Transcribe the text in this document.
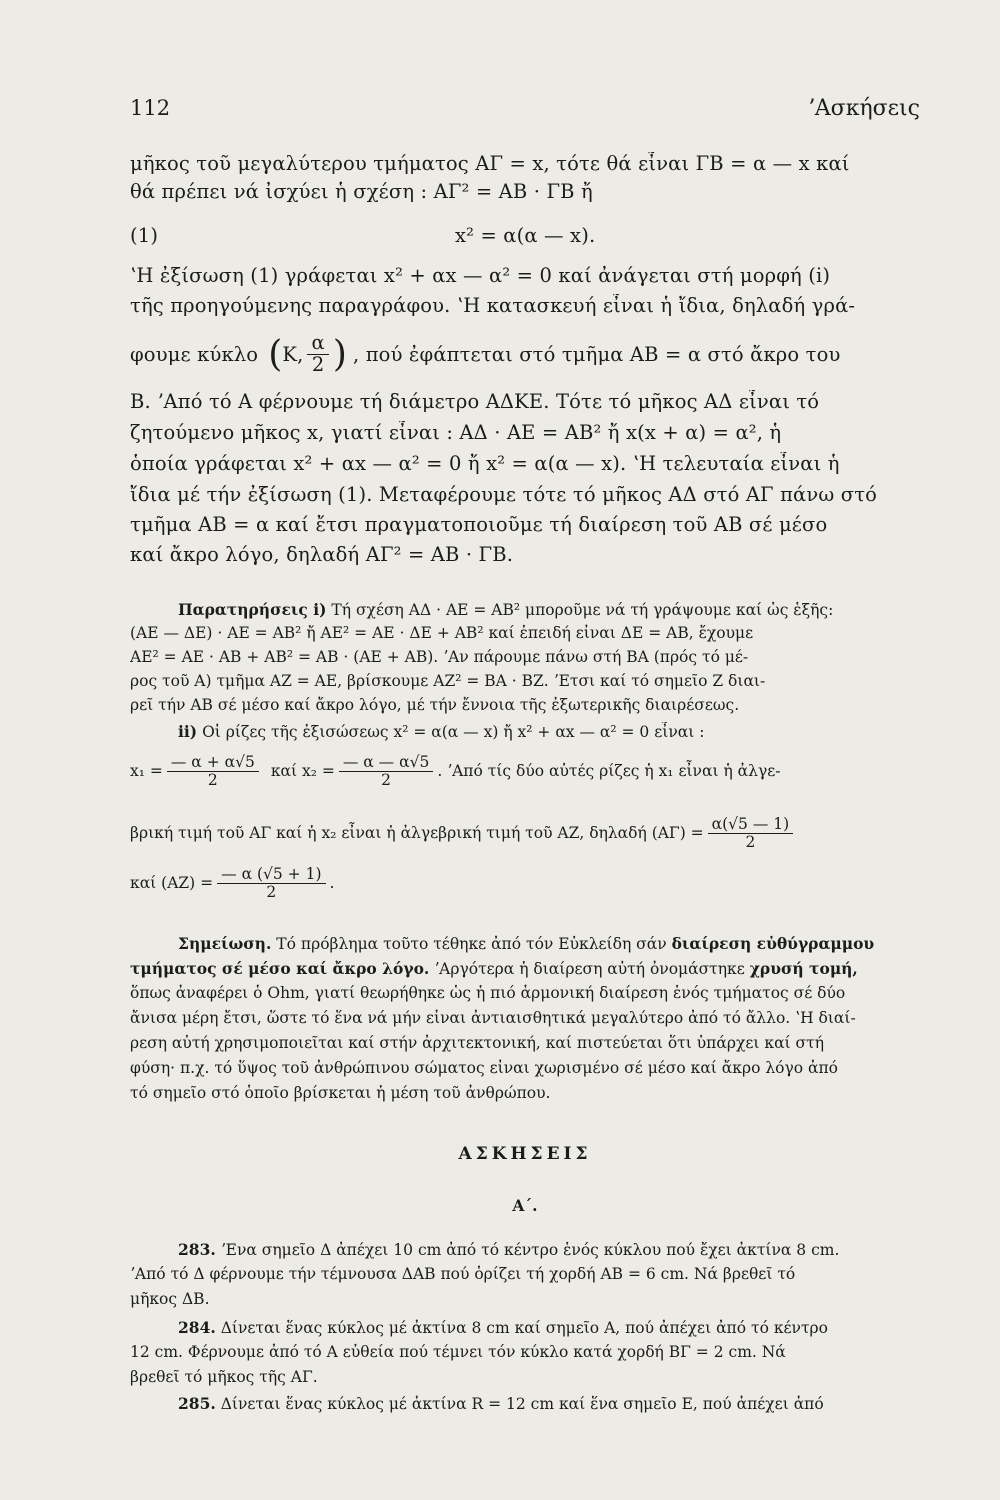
112	ʼΑσκήσεις
μῆκος τοῦ μεγαλύτερου τμήματος ΑΓ = x, τότε θά εἶναι ΓΒ = α — x καί
θά πρέπει νά ἰσχύει ἡ σχέση : ΑΓ² = ΑΒ · ΓΒ ἤ
(1)	x² = α(α — x).
ʽΗ ἐξίσωση (1) γράφεται x² + αx — α² = 0 καί ἀνάγεται στή μορφή (i)
τῆς προηγούμενης παραγράφου. ʽΗ κατασκευή εἶναι ἡ ἴδια, δηλαδή γρά-
φουμε κύκλο ( Κ, $\frac{\alpha}{2}$ ) , πού ἐφάπτεται στό τμῆμα ΑΒ = α στό ἄκρο του
Β. ʼΑπό τό Α φέρνουμε τή διάμετρο ΑΔΚΕ. Τότε τό μῆκος ΑΔ εἶναι τό
ζητούμενο μῆκος x, γιατί εἶναι : ΑΔ · ΑΕ = ΑΒ² ἤ x(x + α) = α², ἡ
ὁποία γράφεται x² + αx — α² = 0 ἤ x² = α(α — x). ʽΗ τελευταία εἶναι ἡ
ἴδια μέ τήν ἐξίσωση (1). Μεταφέρουμε τότε τό μῆκος ΑΔ στό ΑΓ πάνω στό
τμῆμα ΑΒ = α καί ἔτσι πραγματοποιοῦμε τή διαίρεση τοῦ ΑΒ σέ μέσο
καί ἄκρο λόγο, δηλαδή ΑΓ² = ΑΒ · ΓΒ.
Παρατηρήσεις i) Τή σχέση ΑΔ · ΑΕ = ΑΒ² μποροῦμε νά τή γράψουμε καί ὡς ἑξῆς:
(ΑΕ — ΔΕ) · ΑΕ = ΑΒ² ἤ ΑΕ² = ΑΕ · ΔΕ + ΑΒ² καί ἐπειδή εἶναι ΔΕ = ΑΒ, ἔχουμε
ΑΕ² = ΑΕ · ΑΒ + ΑΒ² = ΑΒ · (ΑΕ + ΑΒ). ʼΑν πάρουμε πάνω στή ΒΑ (πρός τό μέ-
ρος τοῦ Α) τμῆμα ΑΖ = ΑΕ, βρίσκουμε ΑΖ² = ΒΑ · ΒΖ. ʼΕτσι καί τό σημεῖο Ζ διαι-
ρεῖ τήν ΑΒ σέ μέσο καί ἄκρο λόγο, μέ τήν ἔννοια τῆς ἐξωτερικῆς διαιρέσεως.
ii) Οἱ ρίζες τῆς ἐξισώσεως x² = α(α — x) ἤ x² + αx — α² = 0 εἶναι :
$x_1 = \frac{— \alpha + \alpha√5}{2}$ καί $x_2 = \frac{— \alpha — \alpha√5}{2}$ . ʼΑπό τίς δύο αὐτές ρίζες ἡ x₁ εἶναι ἡ ἀλγε-
βρική τιμή τοῦ ΑΓ καί ἡ x₂ εἶναι ἡ ἀλγεβρική τιμή τοῦ ΑΖ, δηλαδή $(A\Gamma) = \frac{\alpha(√5 — 1)}{2}$
καί $(AZ) = \frac{— \alpha (√5 + 1)}{2}$ .
Σημείωση. Τό πρόβλημα τοῦτο τέθηκε ἀπό τόν Εὐκλείδη σάν διαίρεση εὐθύγραμμου
τμήματος σέ μέσο καί ἄκρο λόγο. ʼΑργότερα ἡ διαίρεση αὐτή ὀνομάστηκε χρυσή τομή,
ὅπως ἀναφέρει ὁ Ohm, γιατί θεωρήθηκε ὡς ἡ πιό ἁρμονική διαίρεση ἑνός τμήματος σέ δύο
ἄνισα μέρη ἔτσι, ὥστε τό ἕνα νά μήν εἶναι ἀντιαισθητικά μεγαλύτερο ἀπό τό ἄλλο. ʽΗ διαί-
ρεση αὐτή χρησιμοποιεῖται καί στήν ἀρχιτεκτονική, καί πιστεύεται ὅτι ὑπάρχει καί στή
φύση· π.χ. τό ὕψος τοῦ ἀνθρώπινου σώματος εἶναι χωρισμένο σέ μέσο καί ἄκρο λόγο ἀπό
τό σημεῖο στό ὁποῖο βρίσκεται ἡ μέση τοῦ ἀνθρώπου.
ΑΣΚΗΣΕΙΣ
Α΄.
283. ʼΕνα σημεῖο Δ ἀπέχει 10 cm ἀπό τό κέντρο ἑνός κύκλου πού ἔχει ἀκτίνα 8 cm.
ʼΑπό τό Δ φέρνουμε τήν τέμνουσα ΔΑΒ πού ὁρίζει τή χορδή ΑΒ = 6 cm. Νά βρεθεῖ τό
μῆκος ΔΒ.
284. Δίνεται ἕνας κύκλος μέ ἀκτίνα 8 cm καί σημεῖο Α, πού ἀπέχει ἀπό τό κέντρο
12 cm. Φέρνουμε ἀπό τό Α εὐθεία πού τέμνει τόν κύκλο κατά χορδή ΒΓ = 2 cm. Νά
βρεθεῖ τό μῆκος τῆς ΑΓ.
285. Δίνεται ἕνας κύκλος μέ ἀκτίνα R = 12 cm καί ἕνα σημεῖο Ε, πού ἀπέχει ἀπό
